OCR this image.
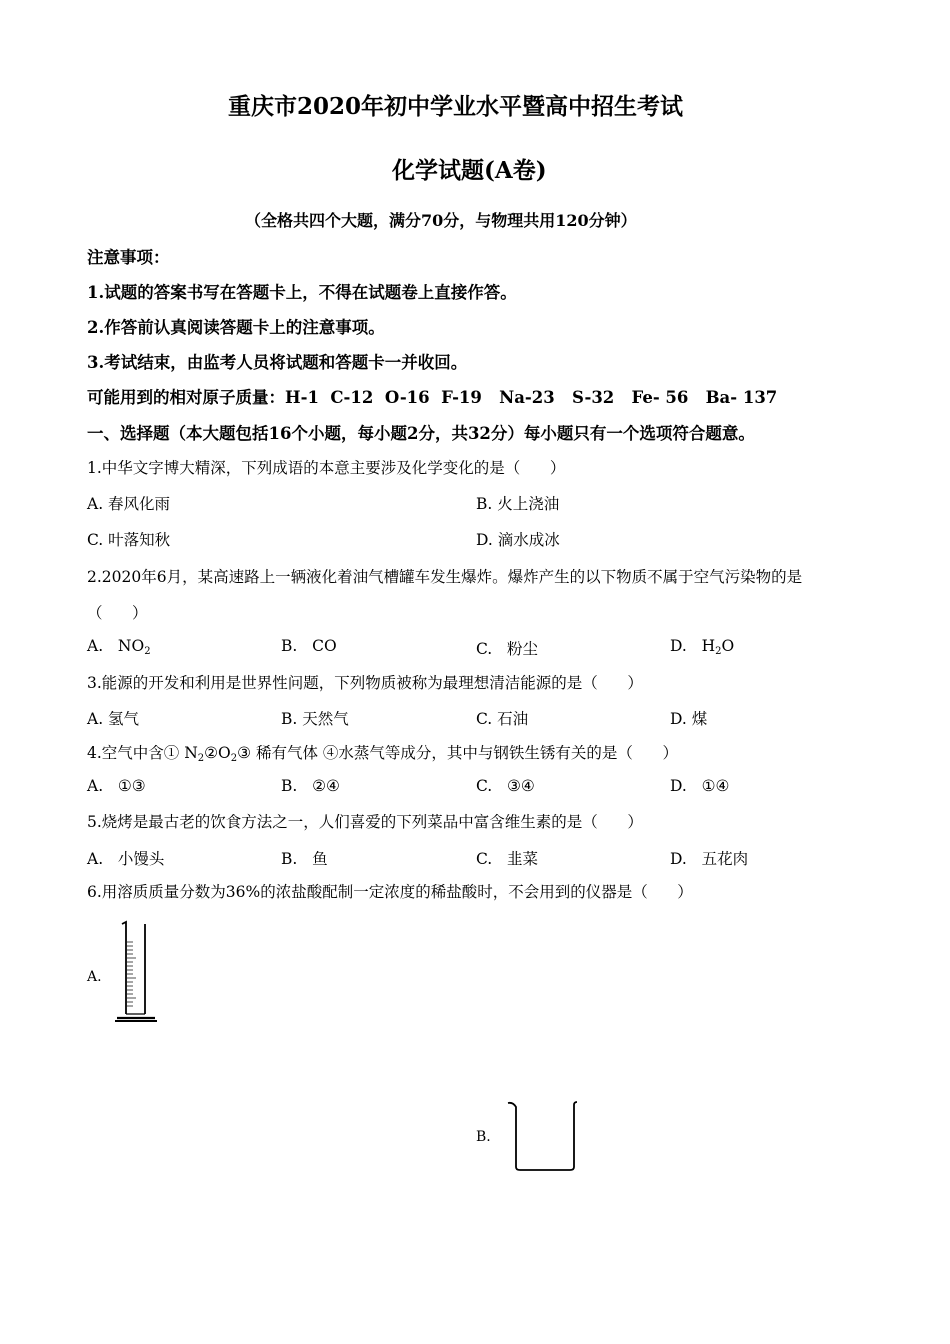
重庆市2020年初中学业水平暨高中招生考试
化学试题(A卷)
（全格共四个大题，满分70分，与物理共用120分钟）
注意事项：
1.试题的答案书写在答题卡上，不得在试题卷上直接作答。
2.作答前认真阅读答题卡上的注意事项。
3.考试结束，由监考人员将试题和答题卡一并收回。
可能用到的相对原子质量：H-1  C-12  O-16  F-19   Na-23   S-32   Fe- 56   Ba- 137
一、选择题（本大题包括16个小题，每小题2分，共32分）每小题只有一个选项符合题意。
1.中华文字博大精深，下列成语的本意主要涉及化学变化的是（      ）
A. 春风化雨	B. 火上浇油
C. 叶落知秋	D. 滴水成冰
2.2020年6月，某高速路上一辆液化着油气槽罐车发生爆炸。爆炸产生的以下物质不属于空气污染物的是
（      ）
A. $NO_2$	B.   CO	C.   粉尘	D. $H_2O$
3.能源的开发和利用是世界性问题，下列物质被称为最理想清洁能源的是（      ）
A. 氢气	B. 天然气	C. 石油	D. 煤
4.空气中含① $N_2②O_2③$ 稀有气体 ④水蒸气等成分，其中与钢铁生锈有关的是（      ）
A.   ①③	B.   ②④	C.   ③④	D.   ①④
5.烧烤是最古老的饮食方法之一，人们喜爱的下列菜品中富含维生素的是（      ）
A.   小馒头	B.   鱼	C.   韭菜	D.   五花肉
6.用溶质质量分数为36%的浓盐酸配制一定浓度的稀盐酸时，不会用到的仪器是（      ）
A.
B.
